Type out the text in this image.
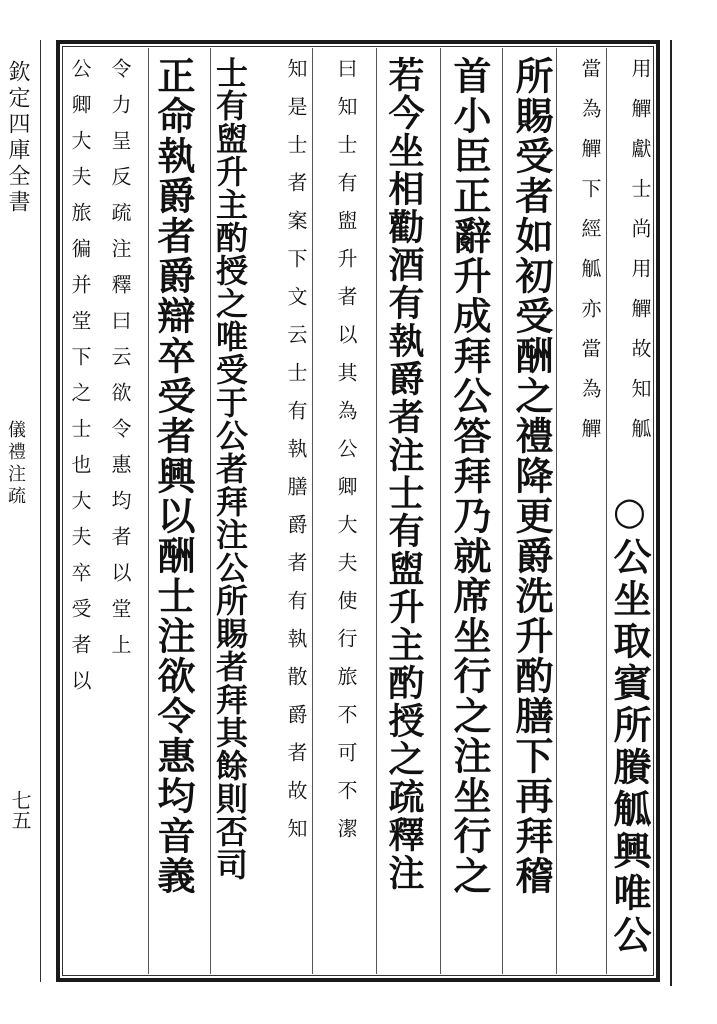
欽定四庫全書
儀禮注疏
七五
用觶獻士尚用觶故知觚
當為觶下經觚亦當為觶
○公坐取賓所賸觚興唯公
所賜受者如初受酬之禮降更爵洗升酌膳下再拜稽
首小臣正辭升成拜公答拜乃就席坐行之注坐行之
若今坐相勸酒有執爵者注士有盥升主酌授之疏釋注
曰知士有盥升者以其為公卿大夫使行旅不可不潔
知是士者案下文云士有執膳爵者有執散爵者故知
士有盥升主酌授之唯受于公者拜注公所賜者拜其餘則否司
正命執爵者爵辯卒受者興以酬士注欲令惠均音義
令力呈反疏注釋曰云欲令惠均者以堂上
公卿大夫旅徧并堂下之士也大夫卒受者以
